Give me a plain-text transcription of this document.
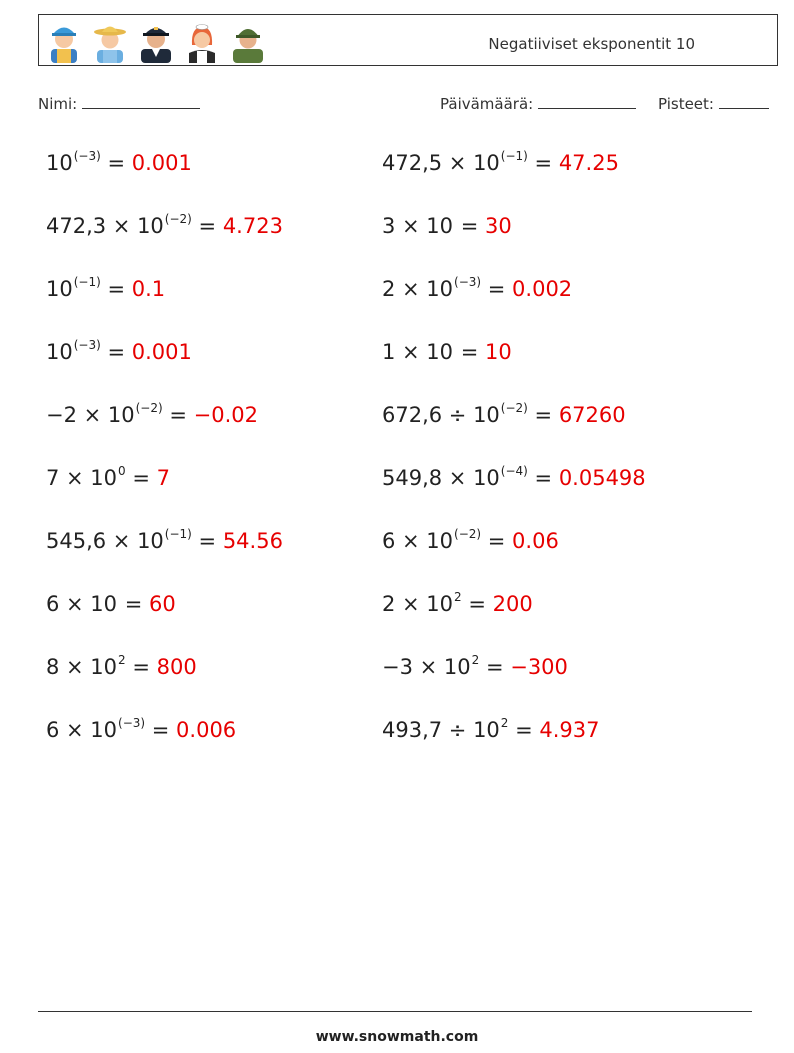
Negatiiviset eksponentit 10
Nimi:	Päivämäärä:	Pisteet:
$10^{(-3)} = 0.001$
$472,3 \times 10^{(-2)} = 4.723$
$10^{(-1)} = 0.1$
$10^{(-3)} = 0.001$
$-2 \times 10^{(-2)} = -0.02$
$7 \times 10^0 = 7$
$545,6 \times 10^{(-1)} = 54.56$
6 × 10 = 60
$8 \times 10^2 = 800$
$6 \times 10^{(-3)} = 0.006$
$472,5 \times 10^{(-1)} = 47.25$
3 × 10 = 30
$2 \times 10^{(-3)} = 0.002$
1 × 10 = 10
$672,6 \div 10^{(-2)} = 67260$
$549,8 \times 10^{(-4)} = 0.05498$
$6 \times 10^{(-2)} = 0.06$
$2 \times 10^2 = 200$
$-3 \times 10^2 = -300$
$493,7 \div 10^2 = 4.937$
www.snowmath.com
